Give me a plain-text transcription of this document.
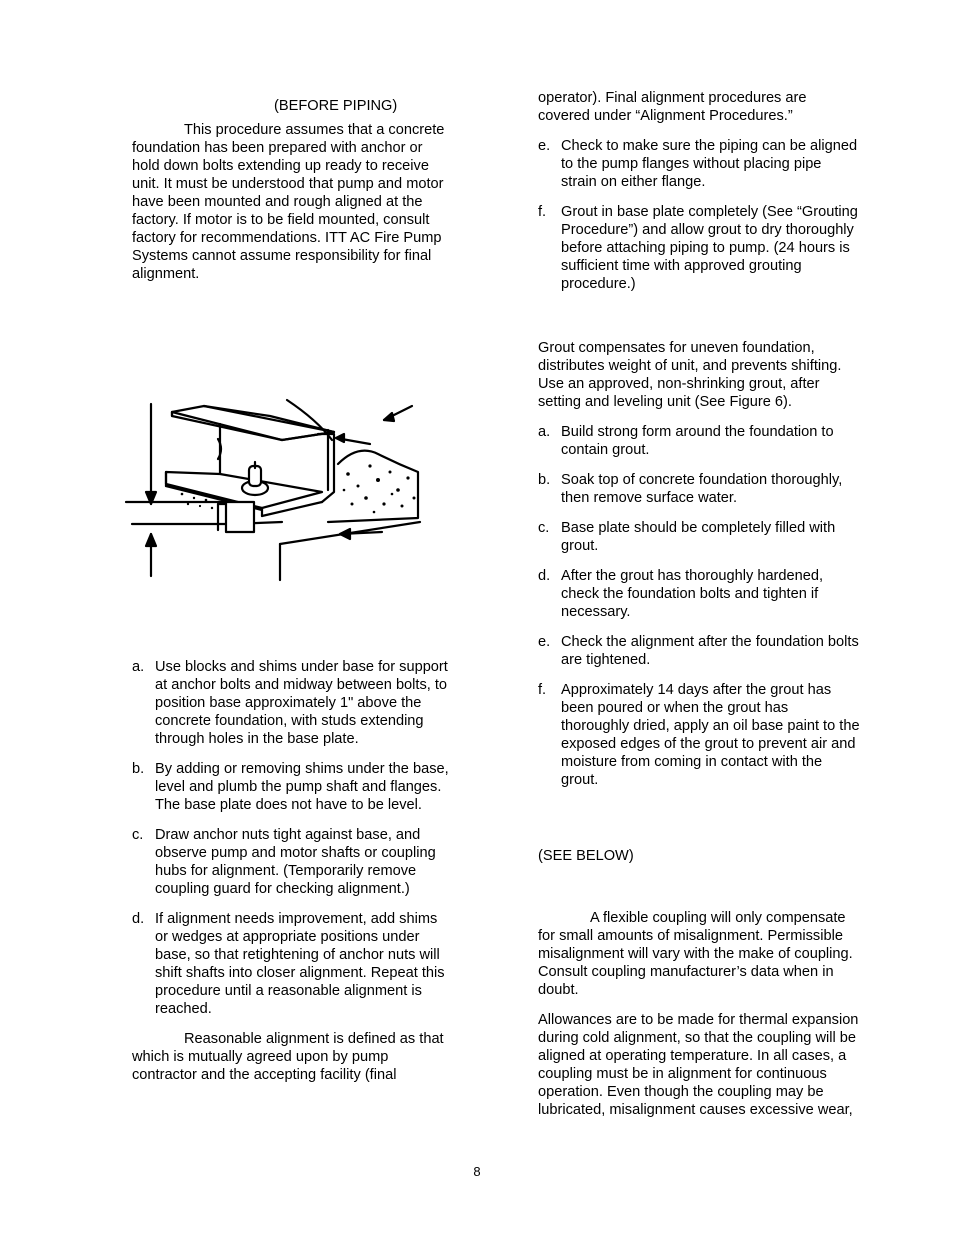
(BEFORE PIPING)

This procedure assumes that a concrete foundation has been prepared with anchor or hold down bolts extending up ready to receive unit. It must be understood that pump and motor have been mounted and rough aligned at the factory. If motor is to be field mounted, consult factory for recommendations. ITT AC Fire Pump Systems cannot assume responsibility for final alignment.

a. Use blocks and shims under base for support at anchor bolts and midway between bolts, to position base approximately 1" above the concrete foundation, with studs extending through holes in the base plate.
b. By adding or removing shims under the base, level and plumb the pump shaft and flanges. The base plate does not have to be level.
c. Draw anchor nuts tight against base, and observe pump and motor shafts or coupling hubs for alignment. (Temporarily remove coupling guard for checking alignment.)
d. If alignment needs improvement, add shims or wedges at appropriate positions under base, so that retightening of anchor nuts will shift shafts into closer alignment. Repeat this procedure until a reasonable alignment is reached.

Reasonable alignment is defined as that which is mutually agreed upon by pump contractor and the accepting facility (final

operator). Final alignment procedures are covered under “Alignment Procedures.”

e. Check to make sure the piping can be aligned to the pump flanges without placing pipe strain on either flange.
f. Grout in base plate completely (See “Grouting Procedure”) and allow grout to dry thoroughly before attaching piping to pump. (24 hours is sufficient time with approved grouting procedure.)

Grout compensates for uneven foundation, distributes weight of unit, and prevents shifting. Use an approved, non-shrinking grout, after setting and leveling unit (See Figure 6).

a. Build strong form around the foundation to contain grout.
b. Soak top of concrete foundation thoroughly, then remove surface water.
c. Base plate should be completely filled with grout.
d. After the grout has thoroughly hardened, check the foundation bolts and tighten if necessary.
e. Check the alignment after the foundation bolts are tightened.
f. Approximately 14 days after the grout has been poured or when the grout has thoroughly dried, apply an oil base paint to the exposed edges of the grout to prevent air and moisture from coming in contact with the grout.

(SEE BELOW)

A flexible coupling will only compensate for small amounts of misalignment. Permissible misalignment will vary with the make of coupling. Consult coupling manufacturer’s data when in doubt.

Allowances are to be made for thermal expansion during cold alignment, so that the coupling will be aligned at operating temperature. In all cases, a coupling must be in alignment for continuous operation. Even though the coupling may be lubricated, misalignment causes excessive wear,

8
